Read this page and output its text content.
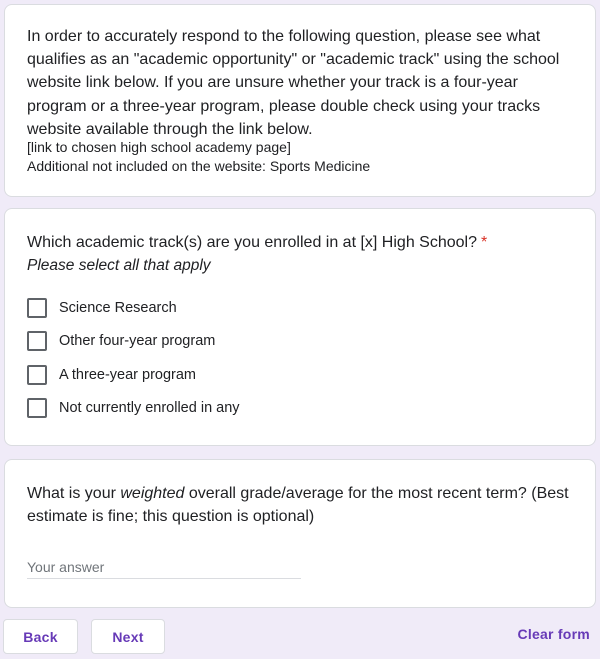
In order to accurately respond to the following question, please see what qualifies as an "academic opportunity" or "academic track" using the school website link below. If you are unsure whether your track is a four-year program or a three-year program, please double check using your tracks website available through the link below.
[link to chosen high school academy page]
Additional not included on the website: Sports Medicine
Which academic track(s) are you enrolled in at [x] High School? *
Please select all that apply
Science Research
Other four-year program
A three-year program
Not currently enrolled in any
What is your weighted overall grade/average for the most recent term? (Best estimate is fine; this question is optional)
Your answer
Back	Next	Clear form
